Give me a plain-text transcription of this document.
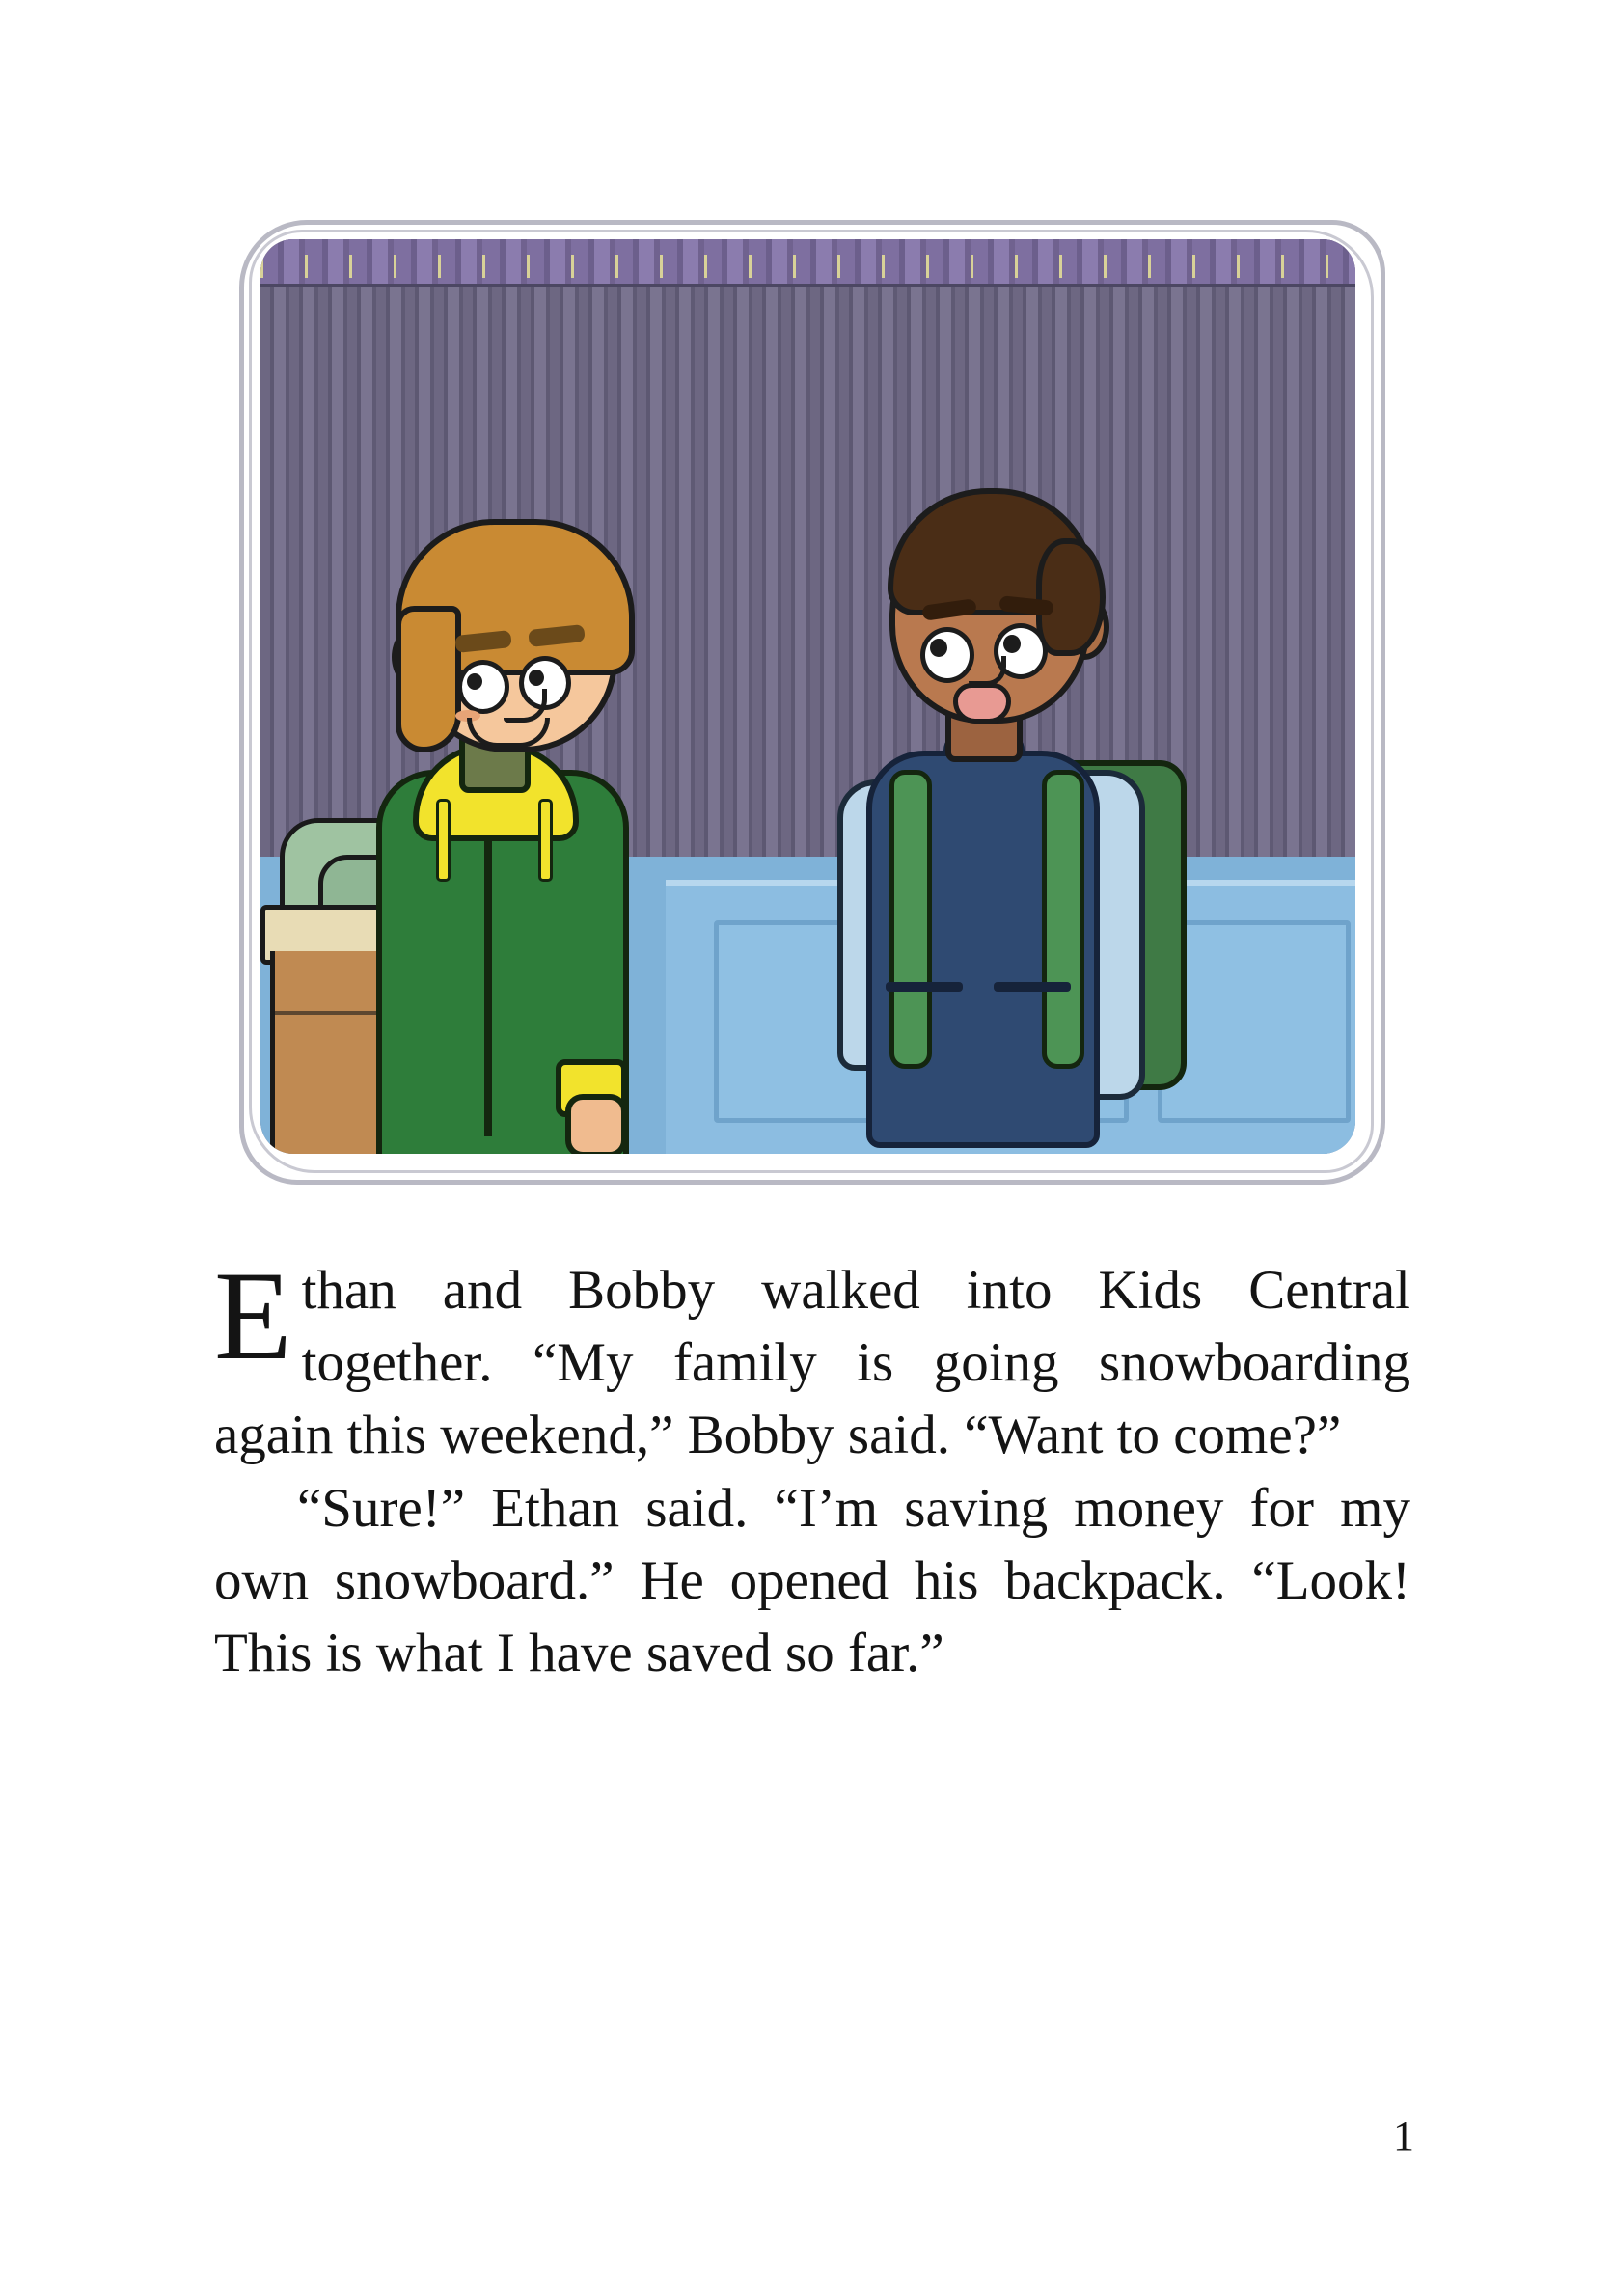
Ethan and Bobby walked into Kids Central together. “My family is going snowboarding again this weekend,” Bobby said. “Want to come?”

“Sure!” Ethan said. “I’m saving money for my own snowboard.” He opened his backpack. “Look! This is what I have saved so far.”

1
